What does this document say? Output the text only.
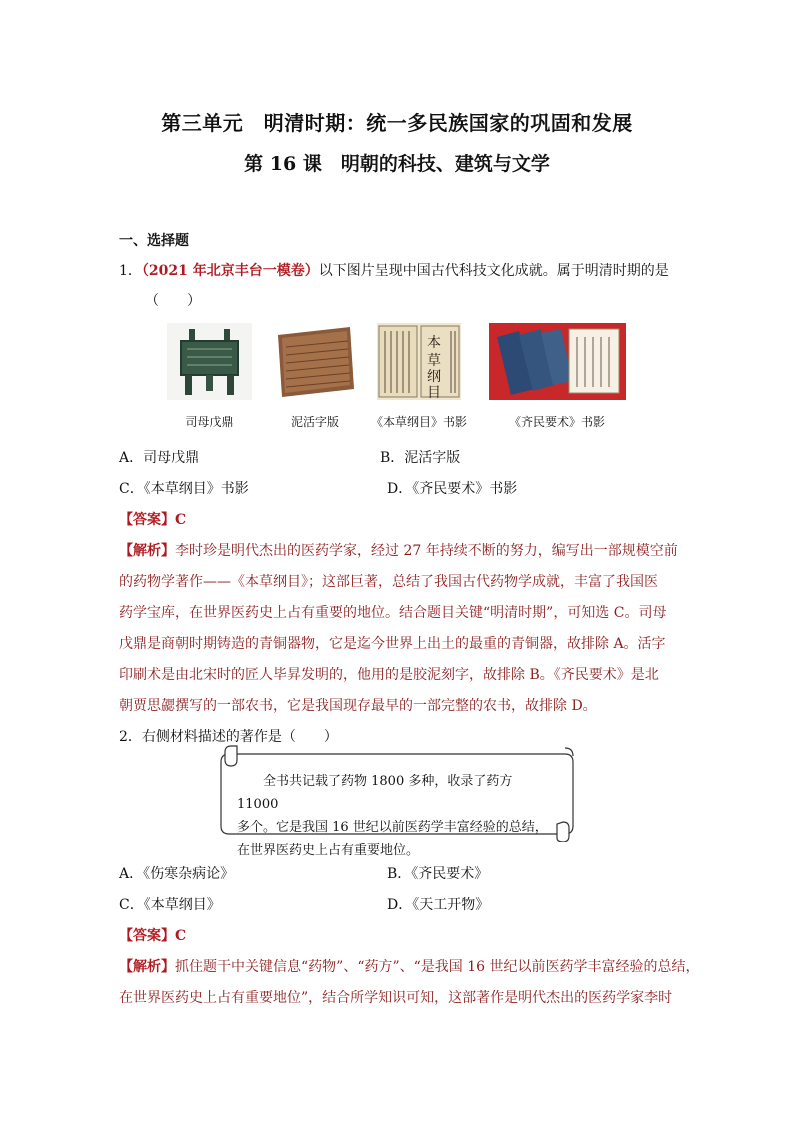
第三单元　明清时期：统一多民族国家的巩固和发展
第 16 课　明朝的科技、建筑与文学
一、选择题
1．（2021 年北京丰台一模卷）以下图片呈现中国古代科技文化成就。属于明清时期的是
（　　）
本
草
纲
目
司母戊鼎	泥活字版	《本草纲目》书影	《齐民要术》书影
A．司母戊鼎	B．泥活字版
C．《本草纲目》书影	D．《齐民要术》书影
【答案】C
【解析】李时珍是明代杰出的医药学家，经过 27 年持续不断的努力，编写出一部规模空前
的药物学著作——《本草纲目》；这部巨著，总结了我国古代药物学成就，丰富了我国医
药学宝库，在世界医药史上占有重要的地位。结合题目关键“明清时期”，可知选 C。司母
戊鼎是商朝时期铸造的青铜器物，它是迄今世界上出土的最重的青铜器，故排除 A。活字
印刷术是由北宋时的匠人毕昇发明的，他用的是胶泥刻字，故排除 B。《齐民要术》是北
朝贾思勰撰写的一部农书，它是我国现存最早的一部完整的农书，故排除 D。
2．右侧材料描述的著作是（　　）
　　全书共记载了药物 1800 多种，收录了药方 11000
多个。它是我国 16 世纪以前医药学丰富经验的总结，
在世界医药史上占有重要地位。
A．《伤寒杂病论》	B．《齐民要术》
C．《本草纲目》	D．《天工开物》
【答案】C
【解析】抓住题干中关键信息“药物”、“药方”、“是我国 16 世纪以前医药学丰富经验的总结，
在世界医药史上占有重要地位”，结合所学知识可知，这部著作是明代杰出的医药学家李时
